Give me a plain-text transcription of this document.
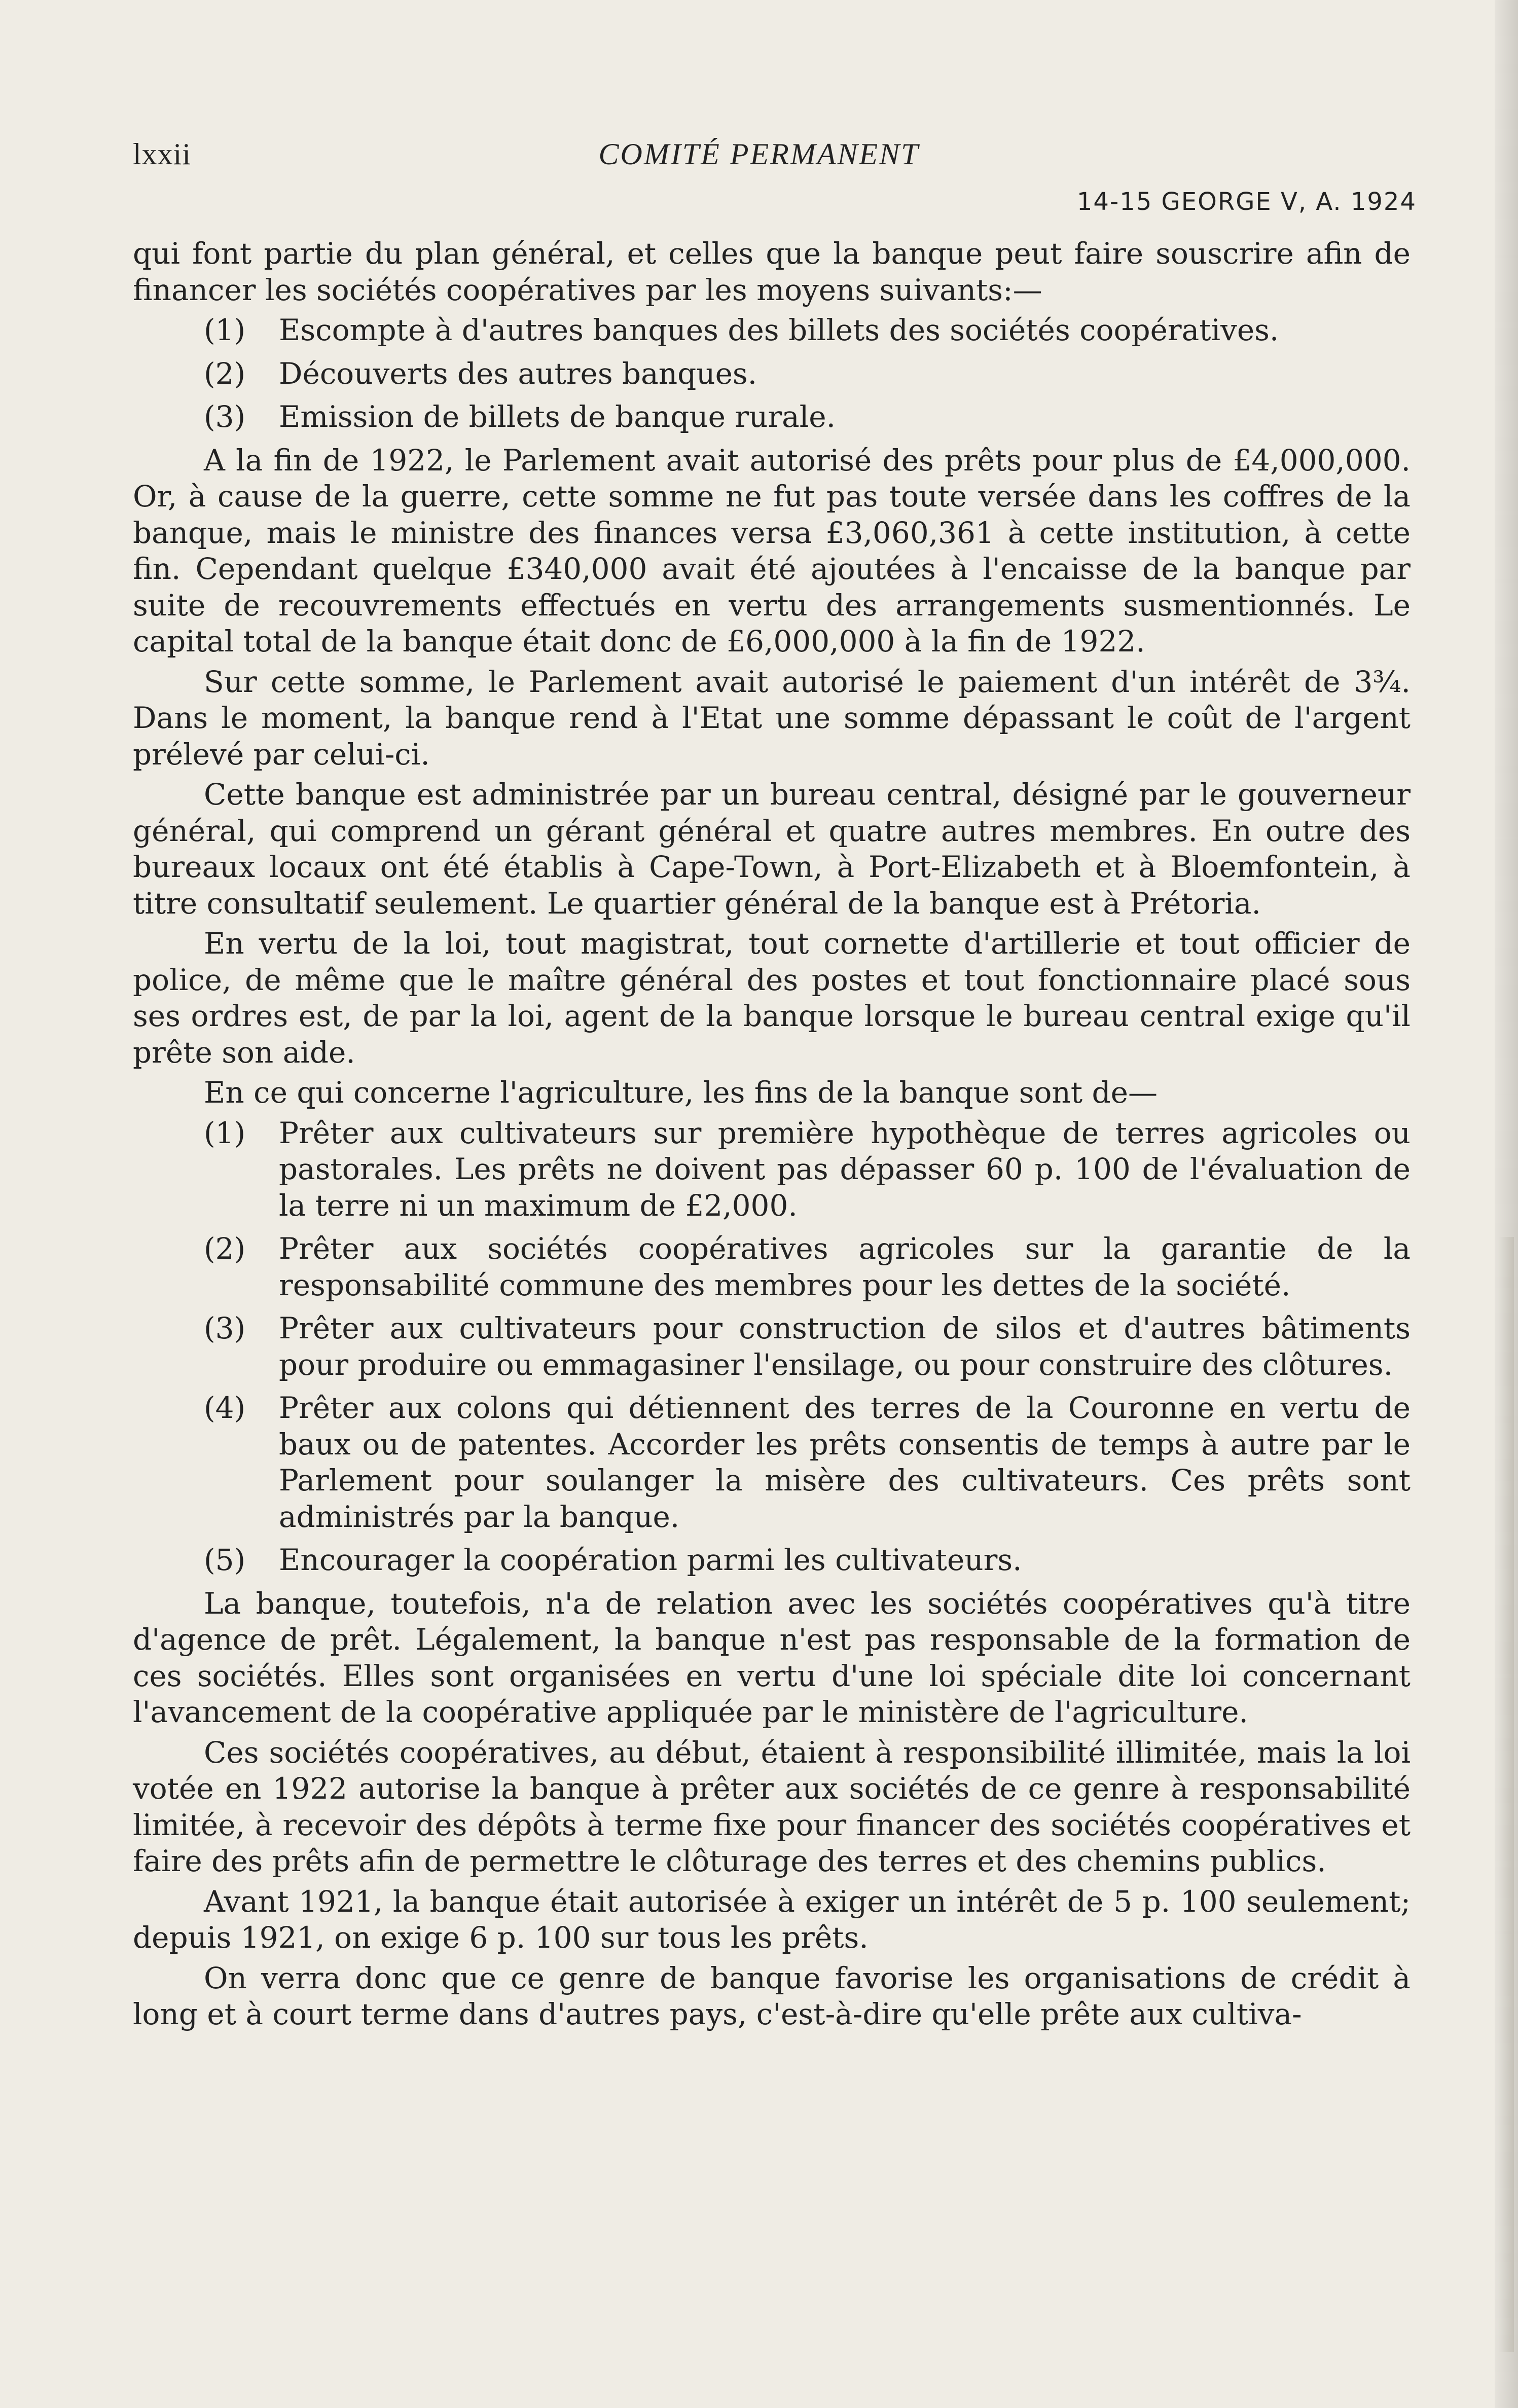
lxxii	COMITÉ PERMANENT
14-15 GEORGE V, A. 1924

qui font partie du plan général, et celles que la banque peut faire souscrire afin de financer les sociétés coopératives par les moyens suivants:—

(1) Escompte à d'autres banques des billets des sociétés coopératives.
(2) Découverts des autres banques.
(3) Emission de billets de banque rurale.

A la fin de 1922, le Parlement avait autorisé des prêts pour plus de £4,000,000. Or, à cause de la guerre, cette somme ne fut pas toute versée dans les coffres de la banque, mais le ministre des finances versa £3,060,361 à cette institution, à cette fin. Cependant quelque £340,000 avait été ajoutées à l'encaisse de la banque par suite de recouvrements effectués en vertu des arrangements susmentionnés. Le capital total de la banque était donc de £6,000,000 à la fin de 1922.

Sur cette somme, le Parlement avait autorisé le paiement d'un intérêt de 3¾. Dans le moment, la banque rend à l'Etat une somme dépassant le coût de l'argent prélevé par celui-ci.

Cette banque est administrée par un bureau central, désigné par le gouverneur général, qui comprend un gérant général et quatre autres membres. En outre des bureaux locaux ont été établis à Cape-Town, à Port-Elizabeth et à Bloemfontein, à titre consultatif seulement. Le quartier général de la banque est à Prétoria.

En vertu de la loi, tout magistrat, tout cornette d'artillerie et tout officier de police, de même que le maître général des postes et tout fonctionnaire placé sous ses ordres est, de par la loi, agent de la banque lorsque le bureau central exige qu'il prête son aide.

En ce qui concerne l'agriculture, les fins de la banque sont de—

(1) Prêter aux cultivateurs sur première hypothèque de terres agricoles ou pastorales. Les prêts ne doivent pas dépasser 60 p. 100 de l'évaluation de la terre ni un maximum de £2,000.
(2) Prêter aux sociétés coopératives agricoles sur la garantie de la responsabilité commune des membres pour les dettes de la société.
(3) Prêter aux cultivateurs pour construction de silos et d'autres bâtiments pour produire ou emmagasiner l'ensilage, ou pour construire des clôtures.
(4) Prêter aux colons qui détiennent des terres de la Couronne en vertu de baux ou de patentes. Accorder les prêts consentis de temps à autre par le Parlement pour soulanger la misère des cultivateurs. Ces prêts sont administrés par la banque.
(5) Encourager la coopération parmi les cultivateurs.

La banque, toutefois, n'a de relation avec les sociétés coopératives qu'à titre d'agence de prêt. Légalement, la banque n'est pas responsable de la formation de ces sociétés. Elles sont organisées en vertu d'une loi spéciale dite loi concernant l'avancement de la coopérative appliquée par le ministère de l'agriculture.

Ces sociétés coopératives, au début, étaient à responsibilité illimitée, mais la loi votée en 1922 autorise la banque à prêter aux sociétés de ce genre à responsabilité limitée, à recevoir des dépôts à terme fixe pour financer des sociétés coopératives et faire des prêts afin de permettre le clôturage des terres et des chemins publics.

Avant 1921, la banque était autorisée à exiger un intérêt de 5 p. 100 seulement; depuis 1921, on exige 6 p. 100 sur tous les prêts.

On verra donc que ce genre de banque favorise les organisations de crédit à long et à court terme dans d'autres pays, c'est-à-dire qu'elle prête aux cultiva-
